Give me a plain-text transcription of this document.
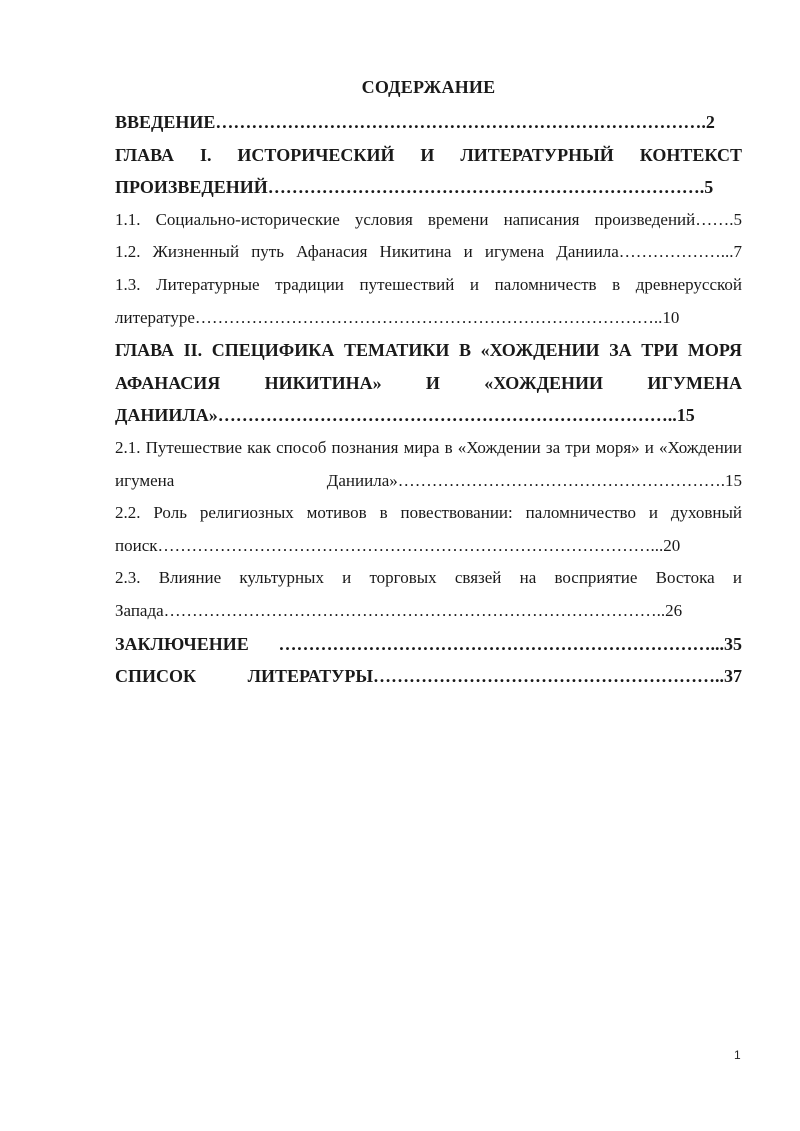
СОДЕРЖАНИЕ

ВВЕДЕНИЕ……………………………………………………………………….2

ГЛАВА I. ИСТОРИЧЕСКИЙ И ЛИТЕРАТУРНЫЙ КОНТЕКСТ ПРОИЗВЕДЕНИЙ……………………………………………………………….5

1.1. Социально-исторические условия времени написания произведений…….5

1.2. Жизненный путь Афанасия Никитина и игумена Даниила………………...7

1.3. Литературные традиции путешествий и паломничеств в древнерусской литературе………………………………………………………………………..10

ГЛАВА II. СПЕЦИФИКА ТЕМАТИКИ В «ХОЖДЕНИИ ЗА ТРИ МОРЯ АФАНАСИЯ НИКИТИНА» И «ХОЖДЕНИИ ИГУМЕНА ДАНИИЛА»…………………………………………………………………..15

2.1. Путешествие как способ познания мира в «Хождении за три моря» и «Хождении игумена Даниила»………………………………………………….15

2.2. Роль религиозных мотивов в повествовании: паломничество и духовный поиск……………………………………………………………………………...20

2.3. Влияние культурных и торговых связей на восприятие Востока и Запада……………………………………………………………………………..26

ЗАКЛЮЧЕНИЕ ………………………………………………………………...35

СПИСОК ЛИТЕРАТУРЫ…………………………………………………..37

1
